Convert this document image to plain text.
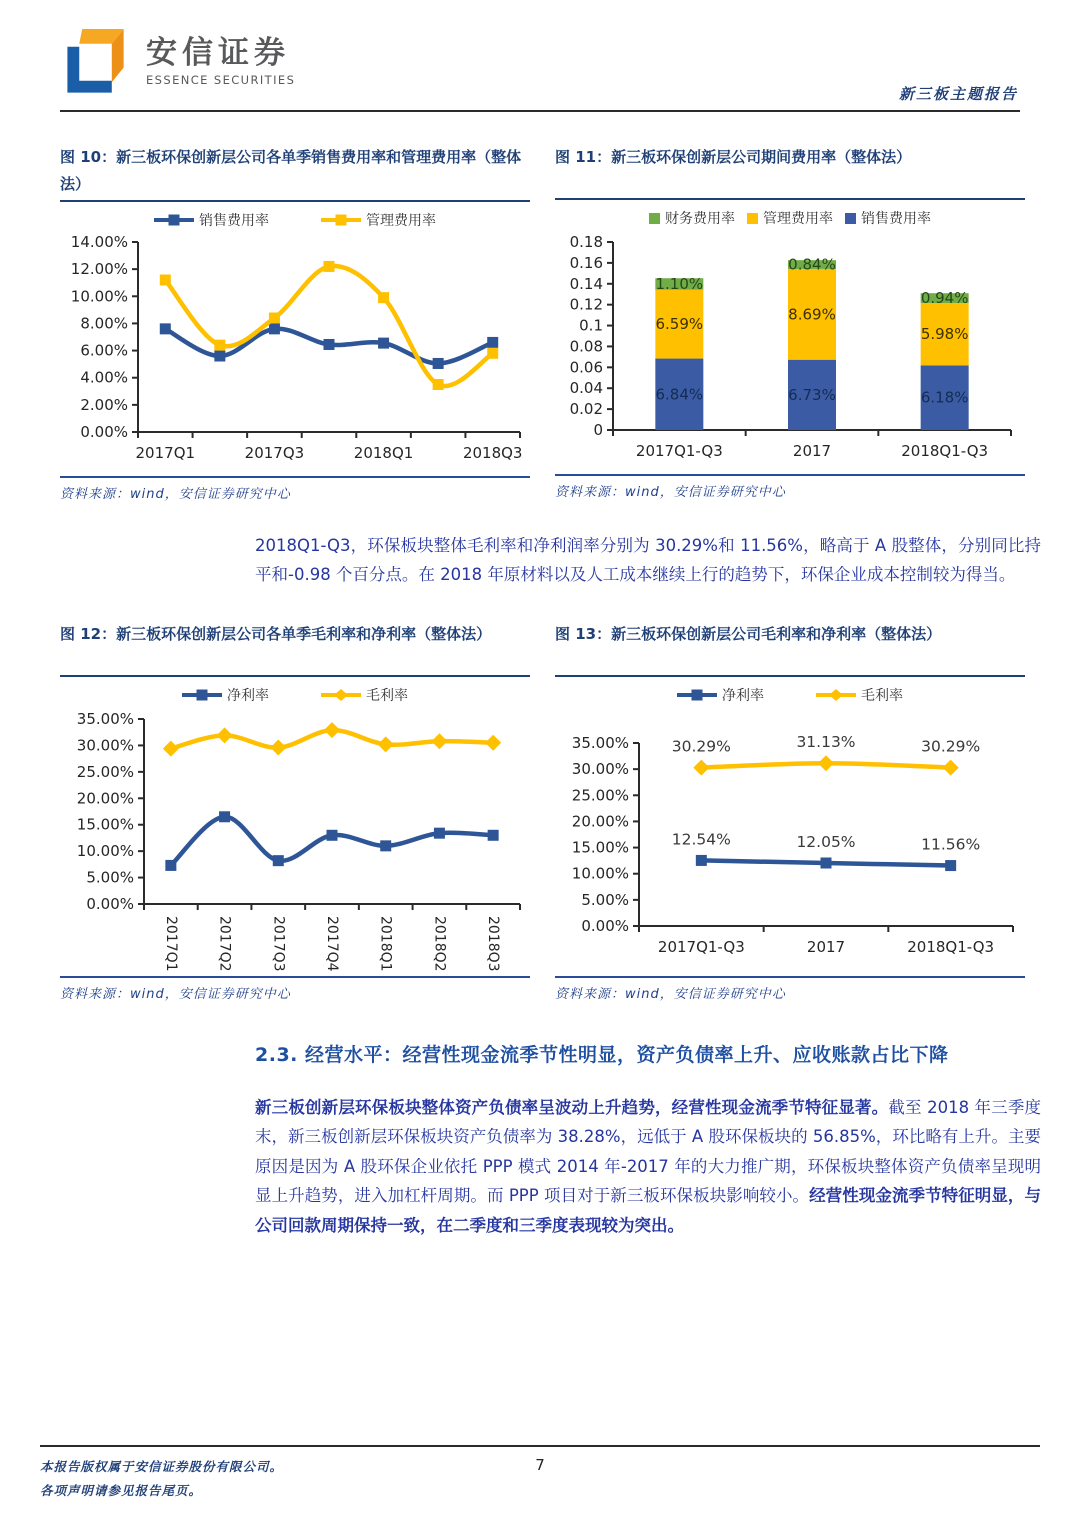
安信证券
ESSENCE SECURITIES
新三板主题报告
图 10：新三板环保创新层公司各单季销售费用率和管理费用率（整体法）
销售费用率	管理费用率
0.00%
2.00%
4.00%
6.00%
8.00%
10.00%
12.00%
14.00%
2017Q1	2017Q3	2018Q1	2018Q3
资料来源：wind，安信证券研究中心
图 11：新三板环保创新层公司期间费用率（整体法）
财务费用率 管理费用率 销售费用率
0
0.02
0.04
0.06
0.08
0.1
0.12
0.14
0.16
0.18
2017Q1-Q3	2017	2018Q1-Q3
6.84%
6.59%
1.10%
6.73%
8.69%
0.84%
6.18%
5.98%
0.94%
资料来源：wind，安信证券研究中心

2018Q1-Q3，环保板块整体毛利率和净利润率分别为 30.29%和 11.56%，略高于 A 股整体，分别同比持平和-0.98 个百分点。在 2018 年原材料以及人工成本继续上行的趋势下，环保企业成本控制较为得当。

图 12：新三板环保创新层公司各单季毛利率和净利率（整体法）
净利率	毛利率
0.00%
5.00%
10.00%
15.00%
20.00%
25.00%
30.00%
35.00%
2017Q1	2017Q2	2017Q3	2017Q4	2018Q1	2018Q2	2018Q3
资料来源：wind，安信证券研究中心
图 13：新三板环保创新层公司毛利率和净利率（整体法）
净利率	毛利率
0.00%
5.00%
10.00%
15.00%
20.00%
25.00%
30.00%
35.00%
2017Q1-Q3	2017	2018Q1-Q3
12.54%	12.05%	11.56%
30.29%	31.13%	30.29%
资料来源：wind，安信证券研究中心
2.3. 经营水平：经营性现金流季节性明显，资产负债率上升、应收账款占比下降

新三板创新层环保板块整体资产负债率呈波动上升趋势，经营性现金流季节特征显著。截至 2018 年三季度末，新三板创新层环保板块资产负债率为 38.28%，远低于 A 股环保板块的 56.85%，环比略有上升。主要原因是因为 A 股环保企业依托 PPP 模式 2014 年-2017 年的大力推广期，环保板块整体资产负债率呈现明显上升趋势，进入加杠杆周期。而 PPP 项目对于新三板环保板块影响较小。经营性现金流季节特征明显，与公司回款周期保持一致，在二季度和三季度表现较为突出。

本报告版权属于安信证券股份有限公司。
各项声明请参见报告尾页。
7
